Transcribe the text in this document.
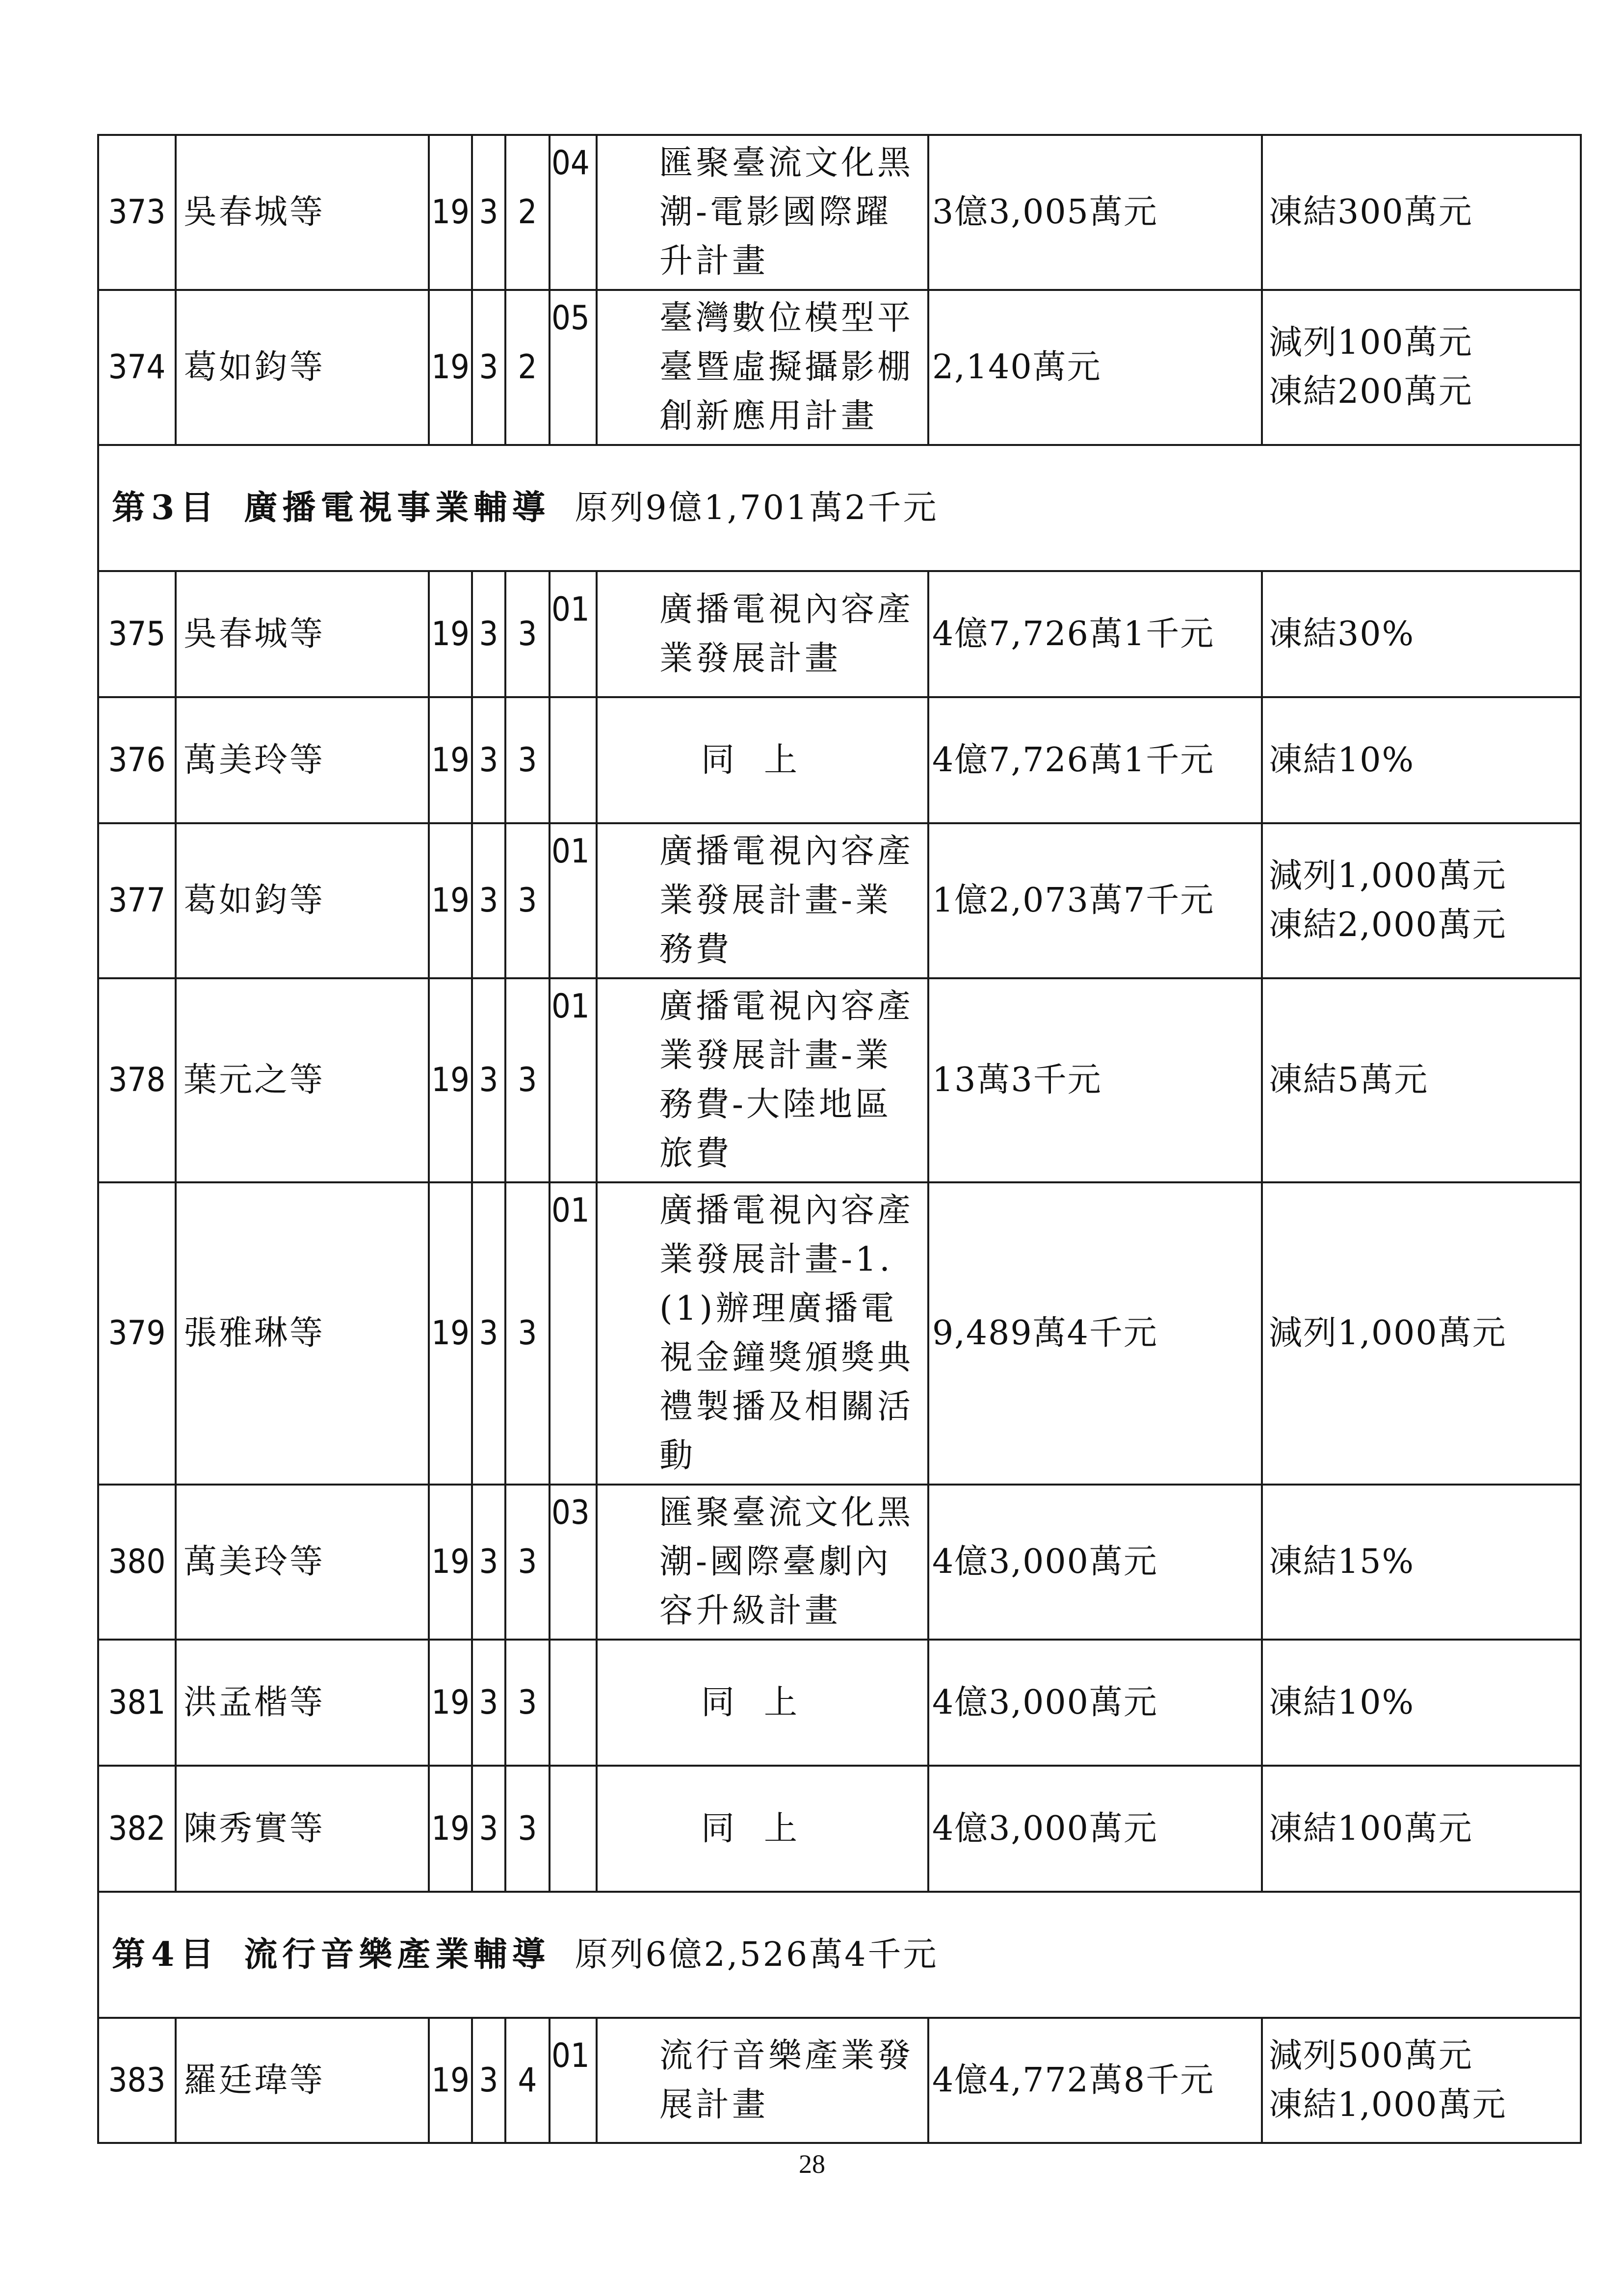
373	吳春城等	19	3	2		04 匯聚臺流文化黑潮-電影國際躍升計畫	3億3,005萬元	凍結300萬元

374	葛如鈞等	19	3	2		05 臺灣數位模型平臺暨虛擬攝影棚創新應用計畫	2,140萬元	減列100萬元
凍結200萬元

第3目 廣播電視事業輔導 原列9億1,701萬2千元								
375	吳春城等	19	3	3		01 廣播電視內容產業發展計畫	4億7,726萬1千元	凍結30%

376	萬美玲等	19	3	3		同上	4億7,726萬1千元	凍結10%

377	葛如鈞等	19	3	3		01 廣播電視內容產業發展計畫-業務費	1億2,073萬7千元	減列1,000萬元
凍結2,000萬元

378	葉元之等	19	3	3		01 廣播電視內容產業發展計畫-業務費-大陸地區旅費	13萬3千元	凍結5萬元

379	張雅琳等	19	3	3		01 廣播電視內容產業發展計畫-1.(1)辦理廣播電視金鐘獎頒獎典禮製播及相關活動	9,489萬4千元	減列1,000萬元

380	萬美玲等	19	3	3		03 匯聚臺流文化黑潮-國際臺劇內容升級計畫	4億3,000萬元	凍結15%

381	洪孟楷等	19	3	3		同上	4億3,000萬元	凍結10%

382	陳秀實等	19	3	3		同上	4億3,000萬元	凍結100萬元

第4目 流行音樂產業輔導 原列6億2,526萬4千元								
383	羅廷瑋等	19	3	4		01 流行音樂產業發展計畫	4億4,772萬8千元	減列500萬元
凍結1,000萬元
28
